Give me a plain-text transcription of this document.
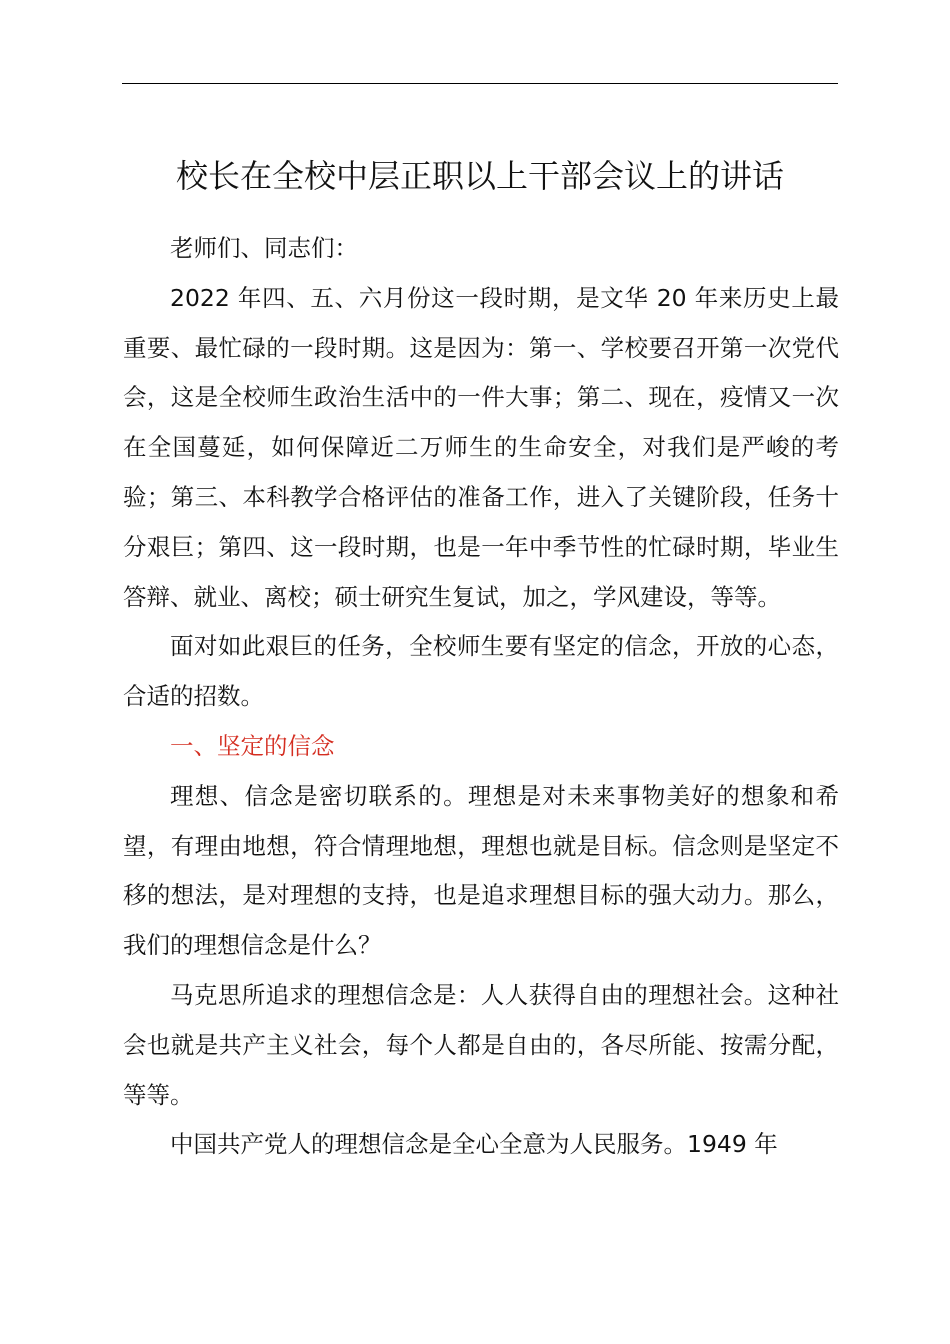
校长在全校中层正职以上干部会议上的讲话

老师们、同志们：

2022 年四、五、六月份这一段时期，是文华 20 年来历史上最重要、最忙碌的一段时期。这是因为：第一、学校要召开第一次党代会，这是全校师生政治生活中的一件大事；第二、现在，疫情又一次在全国蔓延，如何保障近二万师生的生命安全，对我们是严峻的考验；第三、本科教学合格评估的准备工作，进入了关键阶段，任务十分艰巨；第四、这一段时期，也是一年中季节性的忙碌时期，毕业生答辩、就业、离校；硕士研究生复试，加之，学风建设，等等。

面对如此艰巨的任务，全校师生要有坚定的信念，开放的心态，合适的招数。

一、坚定的信念

理想、信念是密切联系的。理想是对未来事物美好的想象和希望，有理由地想，符合情理地想，理想也就是目标。信念则是坚定不移的想法，是对理想的支持，也是追求理想目标的强大动力。那么，我们的理想信念是什么？

马克思所追求的理想信念是：人人获得自由的理想社会。这种社会也就是共产主义社会，每个人都是自由的，各尽所能、按需分配，等等。

中国共产党人的理想信念是全心全意为人民服务。1949 年
